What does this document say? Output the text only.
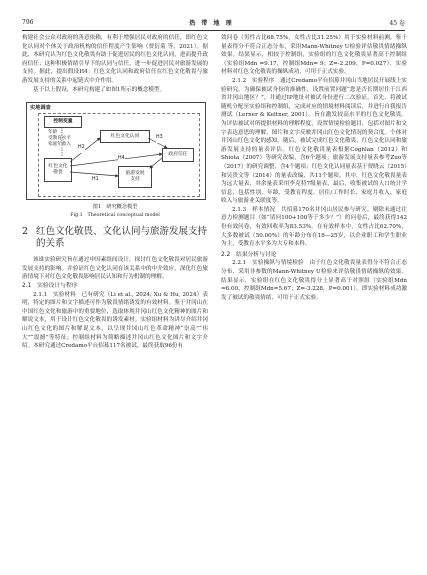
796	热 带 地 理	45 卷

构建社会公众对政府的善意依赖，有利于增强居民对政府的信任，即红色文化认同对个体关于政治机构的信任程度产生影响（贾衍菊 等，2021）。据此，本研究认为红色文化敬畏有助于促进居民的红色文化认同，进而提升政府信任；这种积极情绪引导下的认同与信任，进一步促进居民对旅游发展的支持。据此，提出假设H4：红色文化认同和政府信任在红色文化敬畏与旅游发展支持的关系中起链式中介作用。

基于以上假设，本研究构建了如图1所示的概念模型。

实地调查
控制变量
红色文化认同
政府信任
红色文化
敬畏	旅游发展
支持
年龄
受教育水平
家庭年收入
H2
H3
H1
H4
图1　研究概念模型
Fig.1　Theoretical conceptual model
2 红色文化敬畏、文化认同与旅游发展支持的关系

该谁实验研究旨在通过申因素组间设计，探讨红色文化敬畏对居民旅游发展支持的影响。并验证红色文化认同在该关系中的中介效应，深化红色旅游情境下对红色文化敬畏影响居民认知和行为机制的理解。

2.1　实验设计与程序

2.1.1　实验材料　已有研究（Li et al., 2024; Xu & Hu, 2024）表明，特定的图片和文字描述可作为敬畏情绪诱发的有效材料。鉴于井冈山在中国红色文化和旅游中的重要地位，选取体现井冈山红色文化精神的图片和解说文本，用于设计红色文化敬畏的诱发素材。实验组材料为讲尽介绍井冈山红色文化的图片和解说文本，以呈现井冈山红色革命精神“崇高”“伟大”“震撼”等特征；控制组材料为简略描述井冈山红色文化图片和文字介绍。本研究通过Credamo平台招募117名被试，最终获取96份有

效问卷（男性占比68.75%，女性占比31.25%）用于实验材料前测。鉴于量表得分不符合正态分布，采用Mann-Whitney U检验评估敬畏情绪操纵效果。结果显示，相较于控制组，实验组的红色文化敬畏显著高于控制组（实验组Mdn =9.17，控制组Mdn= 9；Z=-2.209，P=0.027），实验材料对红色文化敬畏的操纵成功，可用于正式实验。

2.1.2　实验程序　通过Credamo平台招募井冈山当地居民开展线上实验研究。为确保被试身份的准确性，设置前置问题“您是否长期居住于江西省井冈山地区？”，并通过IP地址对被试身份进行二次验证。首先，将被试随机分配至实验组和控制组，完成对应的情境材料阅读后，并进行自我报告测试（Lerner & Keltner, 2001）。旨在激发较高水平的红色文化敬畏。为评估被试对所提供材料的理解程度，设置情境检验题目，包括对图片和文字表达意思的理解、图片和文字反映井冈山红色文化情况的契合度。个体对井冈山红色文化的感知。随后，被试完成红色文化敬畏、红色文化认同和旅游发展支持的量表评估。红色文化敬畏量表根据Coghlan（2012）和Shiota（2007）等研究改编，含6个题项；旅游发展支持量表参考Zuo等（2017）的研究调整，含4个题项；红色文化认同量表基于贾晓云（2015）和吴贵文等（2014）的量表改编，共11个题项。其中，红色文化敬畏量表为远大量表，其余量表采用李克特7级量表，最后，收集被试的人口统计学信息，包括性别、年龄、受教育程度、居住/工作时长、家庭月收入、家庭收入与旅游业关联度等。

2.1.3　样本情况　共招募170名井冈山居民参与研究。剔除未通过注意力检测题目（如“请问100+100等于多少？”）的问卷后，最终获得142份有效问卷，有效回收率为83.53%。在有效样本中，女性占比62.70%，大多数被试（50.00%）的年龄分布在18—25岁，以企业职工和学生职业为主，受教育水平多为大专和本科。

2.2　结果分析与讨论

2.2.1　实验操纵与情境检验　由于红色文化敬畏量表得分不符合正态分布，采用非参数的Mann-Whitney U检验来评估敬畏情绪操纵的效果。结果显示，实验组在红色文化敬畏得分上显著高于对照组（实验组Mdn =6.00，控制组Mdn=5.67；Z=-3.228，P=0.001）。即实验材料成功激发了被试的敬畏情绪，可用于正式实验。
